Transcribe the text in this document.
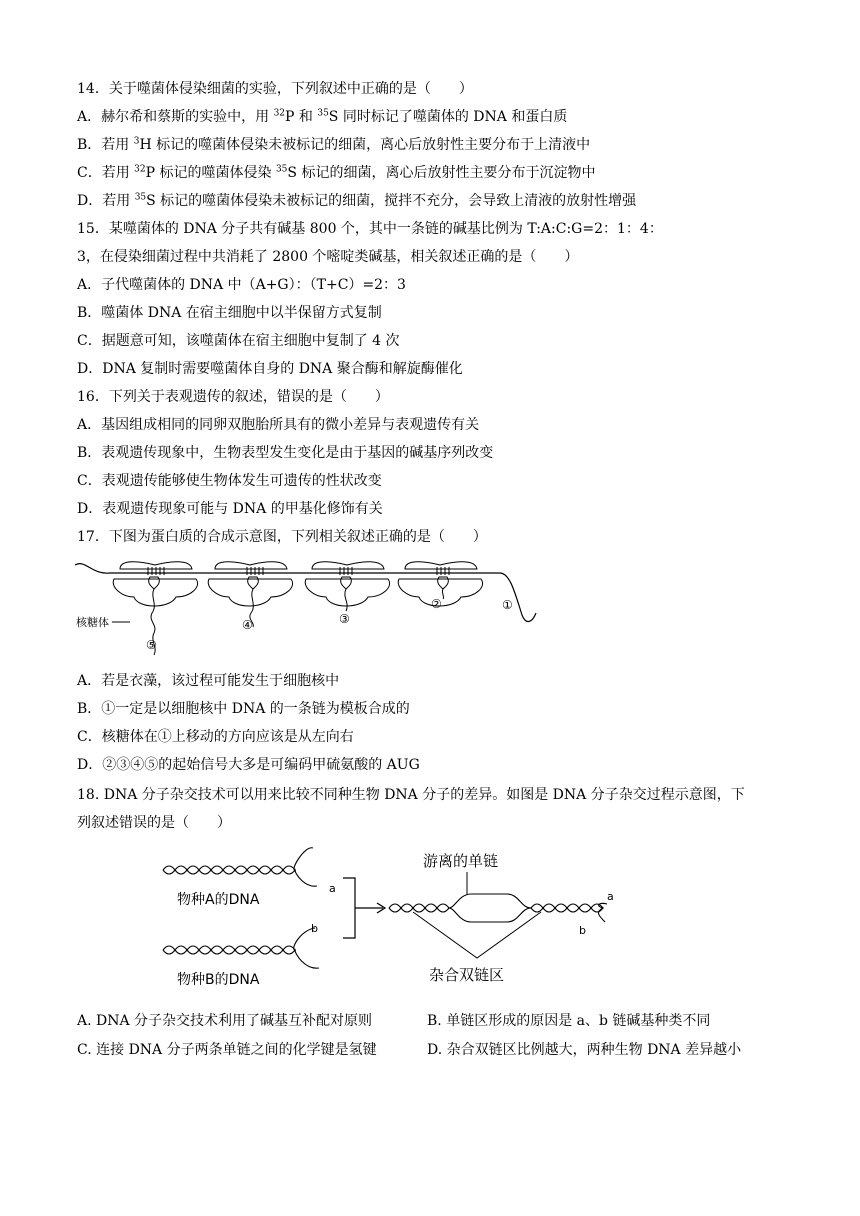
14．关于噬菌体侵染细菌的实验，下列叙述中正确的是（　　）
A．赫尔希和蔡斯的实验中，用 $^{32}$P 和 $^{35}$S 同时标记了噬菌体的 DNA 和蛋白质
B．若用 $^3$H 标记的噬菌体侵染未被标记的细菌，离心后放射性主要分布于上清液中
C．若用 $^{32}$P 标记的噬菌体侵染 $^{35}$S 标记的细菌，离心后放射性主要分布于沉淀物中
D．若用 $^{35}$S 标记的噬菌体侵染未被标记的细菌，搅拌不充分，会导致上清液的放射性增强
15．某噬菌体的 DNA 分子共有碱基 800 个，其中一条链的碱基比例为 T:A:C:G=2：1：4：
3，在侵染细菌过程中共消耗了 2800 个嘧啶类碱基，相关叙述正确的是（　　）
A．子代噬菌体的 DNA 中（A+G）：（T+C）=2：3
B．噬菌体 DNA 在宿主细胞中以半保留方式复制
C．据题意可知，该噬菌体在宿主细胞中复制了 4 次
D．DNA 复制时需要噬菌体自身的 DNA 聚合酶和解旋酶催化
16．下列关于表观遗传的叙述，错误的是（　　）
A．基因组成相同的同卵双胞胎所具有的微小差异与表观遗传有关
B．表观遗传现象中，生物表型发生变化是由于基因的碱基序列改变
C．表观遗传能够使生物体发生可遗传的性状改变
D．表观遗传现象可能与 DNA 的甲基化修饰有关
17．下图为蛋白质的合成示意图，下列相关叙述正确的是（　　）
核糖体
⑤
④	③
②	①
A．若是衣藻，该过程可能发生于细胞核中
B．①一定是以细胞核中 DNA 的一条链为模板合成的
C．核糖体在①上移动的方向应该是从左向右
D．②③④⑤的起始信号大多是可编码甲硫氨酸的 AUG
18. DNA 分子杂交技术可以用来比较不同种生物 DNA 分子的差异。如图是 DNA 分子杂交过程示意图，下
列叙述错误的是（　　）
物种A的DNA
a
物种B的DNA
b
游离的单链
a
b
杂合双链区
A. DNA 分子杂交技术利用了碱基互补配对原则	B. 单链区形成的原因是 a、b 链碱基种类不同
C. 连接 DNA 分子两条单链之间的化学键是氢键	D. 杂合双链区比例越大，两种生物 DNA 差异越小
